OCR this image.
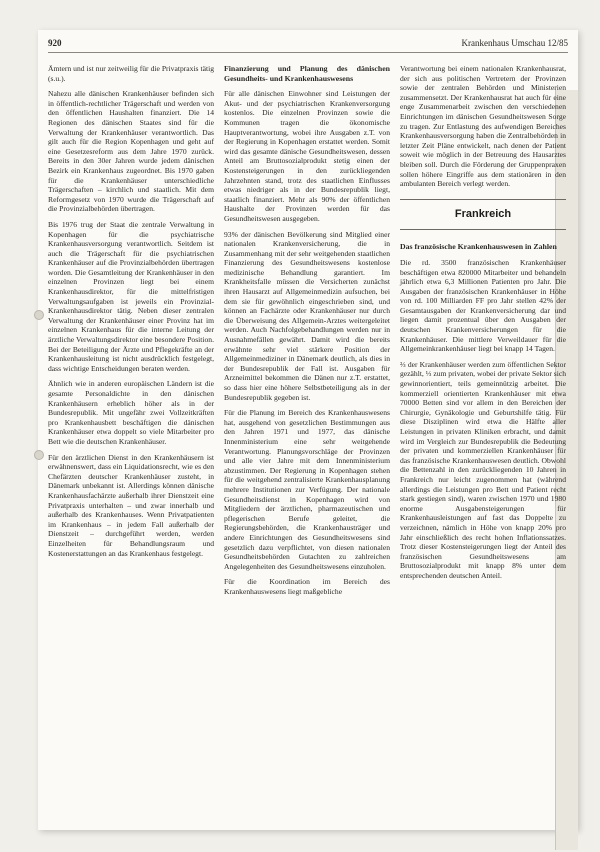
920	Krankenhaus Umschau 12/85

Ämtern und ist nur zeitweilig für die Privatpraxis tätig (s.u.).

Nahezu alle dänischen Krankenhäuser befinden sich in öffentlich-rechtlicher Trägerschaft und werden von den öffentlichen Haushalten finanziert. Die 14 Regionen des dänischen Staates sind für die Verwaltung der Krankenhäuser verantwortlich. Das gilt auch für die Region Kopenhagen und geht auf eine Gesetzesreform aus dem Jahre 1970 zurück. Bereits in den 30er Jahren wurde jedem dänischen Bezirk ein Krankenhaus zugeordnet. Bis 1970 gaben für die Krankenhäuser unterschiedliche Trägerschaften – kirchlich und staatlich. Mit dem Reformgesetz von 1970 wurde die Trägerschaft auf die Provinzialbehörden übertragen.

Bis 1976 trug der Staat die zentrale Verwaltung in Kopenhagen für die psychiatrische Krankenhausversorgung verantwortlich. Seitdem ist auch die Trägerschaft für die psychiatrischen Krankenhäuser auf die Provinzialbehörden übertragen worden. Die Gesamtleitung der Krankenhäuser in den einzelnen Provinzen liegt bei einem Krankenhausdirektor, für die mittelfristigen Verwaltungsaufgaben ist jeweils ein Provinzial-Krankenhausdirektor tätig. Neben dieser zentralen Verwaltung der Krankenhäuser einer Provinz hat im einzelnen Krankenhaus für die interne Leitung der ärztliche Verwaltungsdirektor eine besondere Position. Bei der Beteiligung der Ärzte und Pflegekräfte an der Krankenhausleitung ist nicht ausdrücklich festgelegt, dass wichtige Entscheidungen beraten werden.

Ähnlich wie in anderen europäischen Ländern ist die gesamte Personaldichte in den dänischen Krankenhäusern erheblich höher als in der Bundesrepublik. Mit ungefähr zwei Vollzeitkräften pro Krankenhausbett beschäftigen die dänischen Krankenhäuser etwa doppelt so viele Mitarbeiter pro Bett wie die deutschen Krankenhäuser.

Für den ärztlichen Dienst in den Krankenhäusern ist erwähnenswert, dass ein Liquidationsrecht, wie es den Chefärzten deutscher Krankenhäuser zusteht, in Dänemark unbekannt ist. Allerdings können dänische Krankenhausfachärzte außerhalb ihrer Dienstzeit eine Privatpraxis unterhalten – und zwar innerhalb und außerhalb des Krankenhauses. Wenn Privatpatienten im Krankenhaus – in jedem Fall außerhalb der Dienstzeit – durchgeführt werden, werden Einzelheiten für Behandlungsraum und Kostenerstattungen an das Krankenhaus festgelegt.

Finanzierung und Planung des dänischen Gesundheits- und Krankenhauswesens

Für alle dänischen Einwohner sind Leistungen der Akut- und der psychiatrischen Krankenversorgung kostenlos. Die einzelnen Provinzen sowie die Kommunen tragen die ökonomische Hauptverantwortung, wobei ihre Ausgaben z.T. von der Regierung in Kopenhagen erstattet werden. Somit wird das gesamte dänische Gesundheitswesen, dessen Anteil am Bruttosozialprodukt stetig einen der Kostensteigerungen in den zurückliegenden Jahrzehnten stand, trotz des staatlichen Einflusses etwas niedriger als in der Bundesrepublik liegt, staatlich finanziert. Mehr als 90% der öffentlichen Haushalte der Provinzen werden für das Gesundheitswesen ausgegeben.

93% der dänischen Bevölkerung sind Mitglied einer nationalen Krankenversicherung, die in Zusammenhang mit der sehr weitgehenden staatlichen Finanzierung des Gesundheitswesens kostenlose medizinische Behandlung garantiert. Im Krankheitsfalle müssen die Versicherten zunächst ihren Hausarzt auf Allgemeinmedizin aufsuchen, bei dem sie für gewöhnlich eingeschrieben sind, und können an Fachärzte oder Krankenhäuser nur durch die Überweisung des Allgemein-Arztes weitergeleitet werden. Auch Nachfolgebehandlungen werden nur in Ausnahmefällen gewährt. Damit wird die bereits erwähnte sehr viel stärkere Position der Allgemeinmediziner in Dänemark deutlich, als dies in der Bundesrepublik der Fall ist. Ausgaben für Arzneimittel bekommen die Dänen nur z.T. erstattet, so dass hier eine höhere Selbstbeteiligung als in der Bundesrepublik gegeben ist.

Für die Planung im Bereich des Krankenhauswesens hat, ausgehend von gesetzlichen Bestimmungen aus den Jahren 1971 und 1977, das dänische Innenministerium eine sehr weitgehende Verantwortung. Planungsvorschläge der Provinzen und alle vier Jahre mit dem Innenministerium abzustimmen. Der Regierung in Kopenhagen stehen für die weitgehend zentralisierte Krankenhausplanung mehrere Institutionen zur Verfügung. Der nationale Gesundheitsdienst in Kopenhagen wird von Mitgliedern der ärztlichen, pharmazeutischen und pflegerischen Berufe geleitet, die Regierungsbehörden, die Krankenhausträger und andere Einrichtungen des Gesundheitswesens sind gesetzlich dazu verpflichtet, von diesen nationalen Gesundheitsbehörden Gutachten zu zahlreichen Angelegenheiten des Gesundheitswesens einzuholen.

Für die Koordination im Bereich des Krankenhauswesens liegt maßgebliche

Verantwortung bei einem nationalen Krankenhausrat, der sich aus politischen Vertretern der Provinzen sowie der zentralen Behörden und Ministerien zusammensetzt. Der Krankenhausrat hat auch für eine enge Zusammenarbeit zwischen den verschiedenen Einrichtungen im dänischen Gesundheitswesen Sorge zu tragen. Zur Entlastung des aufwendigen Bereiches Krankenhausversorgung haben die Zentralbehörden in letzter Zeit Pläne entwickelt, nach denen der Patient soweit wie möglich in der Betreuung des Hausarztes bleiben soll. Durch die Förderung der Gruppenpraxen sollen höhere Eingriffe aus dem stationären in den ambulanten Bereich verlegt werden.

Frankreich

Das französische Krankenhauswesen in Zahlen

Die rd. 3500 französischen Krankenhäuser beschäftigen etwa 820000 Mitarbeiter und behandeln jährlich etwa 6,3 Millionen Patienten pro Jahr. Die Ausgaben der französischen Krankenhäuser in Höhe von rd. 100 Milliarden FF pro Jahr stellen 42% der Gesamtausgaben der Krankenversicherung dar und liegen damit prozentual über den Ausgaben der deutschen Krankenversicherungen für die Krankenhäuser. Die mittlere Verweildauer für die Allgemeinkrankenhäuser liegt bei knapp 14 Tagen.

⅔ der Krankenhäuser werden zum öffentlichen Sektor gezählt, ⅓ zum privaten, wobei der private Sektor sich gewinnorientiert, teils gemeinnützig arbeitet. Die kommerziell orientierten Krankenhäuser mit etwa 70000 Betten sind vor allem in den Bereichen der Chirurgie, Gynäkologie und Geburtshilfe tätig. Für diese Disziplinen wird etwa die Hälfte aller Leistungen in privaten Kliniken erbracht, und damit wird im Vergleich zur Bundesrepublik die Bedeutung der privaten und kommerziellen Krankenhäuser für das französische Krankenhauswesen deutlich. Obwohl die Bettenzahl in den zurückliegenden 10 Jahren in Frankreich nur leicht zugenommen hat (während allerdings die Leistungen pro Bett und Patient recht stark gestiegen sind), waren zwischen 1970 und 1980 enorme Ausgabensteigerungen für Krankenhausleistungen auf fast das Doppelte zu verzeichnen, nämlich in Höhe von knapp 20% pro Jahr einschließlich des recht hohen Inflationssatzes. Trotz dieser Kostensteigerungen liegt der Anteil des französischen Gesundheitswesens am Bruttosozialprodukt mit knapp 8% unter dem entsprechenden deutschen Anteil.
